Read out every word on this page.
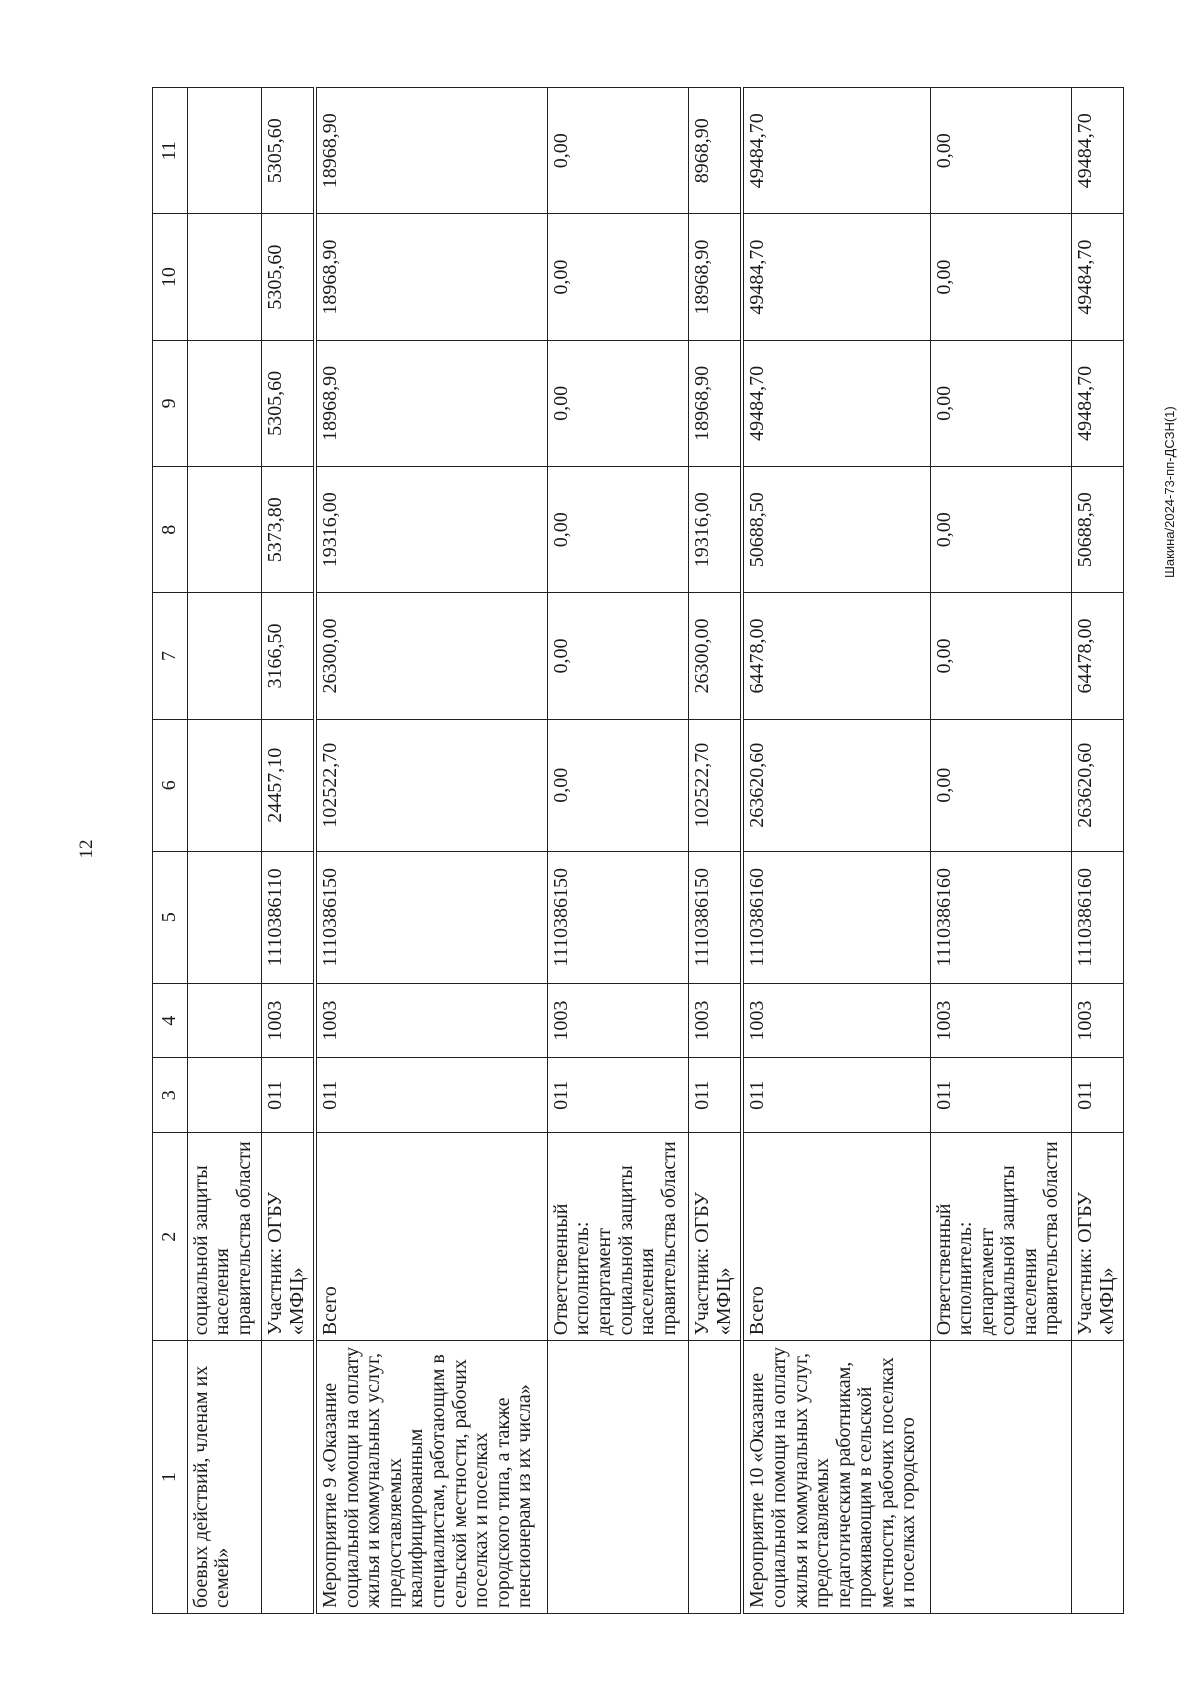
12
Шакина/2024-73-пп-ДСЗН(1)
1	2	3	4	5	6	7	8	9	10	11
боевых действий, членам их семей»	социальной защиты населения правительства области									
	Участник: ОГБУ «МФЦ»	011	1003	1110386110	24457,10	3166,50	5373,80	5305,60	5305,60	5305,60
Мероприятие 9 «Оказание социальной помощи на оплату жилья и коммунальных услуг, предоставляемых квалифицированным специалистам, работающим в сельской местности, рабочих поселках и поселках городского типа, а также пенсионерам из их числа»	Всего	011	1003	1110386150	102522,70	26300,00	19316,00	18968,90	18968,90	18968,90
	Ответственный исполнитель: департамент социальной защиты населения правительства области	011	1003	1110386150	0,00	0,00	0,00	0,00	0,00	0,00
	Участник: ОГБУ «МФЦ»	011	1003	1110386150	102522,70	26300,00	19316,00	18968,90	18968,90	8968,90
Мероприятие 10 «Оказание социальной помощи на оплату жилья и коммунальных услуг, предоставляемых педагогическим работникам, проживающим в сельской местности, рабочих поселках и поселках городского	Всего	011	1003	1110386160	263620,60	64478,00	50688,50	49484,70	49484,70	49484,70
	Ответственный исполнитель: департамент социальной защиты населения правительства области	011	1003	1110386160	0,00	0,00	0,00	0,00	0,00	0,00
	Участник: ОГБУ «МФЦ»	011	1003	1110386160	263620,60	64478,00	50688,50	49484,70	49484,70	49484,70
